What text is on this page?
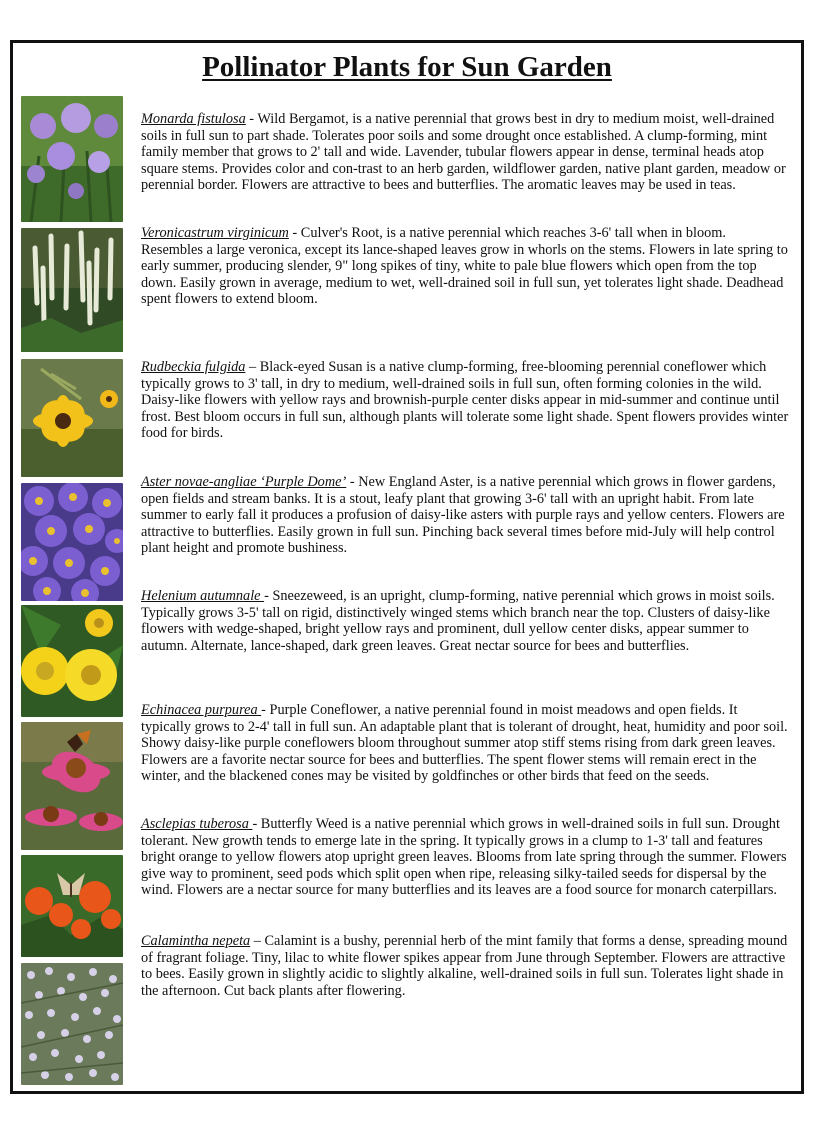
Pollinator Plants for Sun Garden
Monarda fistulosa - Wild Bergamot, is a native perennial that grows best in dry to medium moist, well-drained soils in full sun to part shade. Tolerates poor soils and some drought once established. A clump-forming, mint family member that grows to 2' tall and wide. Lavender, tubular flowers appear in dense, terminal heads atop square stems. Provides color and con-trast to an herb garden, wildflower garden, native plant garden, meadow or perennial border. Flowers are attractive to bees and butterflies. The aromatic leaves may be used in teas.
Veronicastrum virginicum - Culver's Root, is a native perennial which reaches 3-6' tall when in bloom. Resembles a large veronica, except its lance-shaped leaves grow in whorls on the stems. Flowers in late spring to early summer, producing slender, 9" long spikes of tiny, white to pale blue flowers which open from the top down. Easily grown in average, medium to wet, well-drained soil in full sun, yet tolerates light shade. Deadhead spent flowers to extend bloom.
Rudbeckia fulgida – Black-eyed Susan is a native clump-forming, free-blooming perennial coneflower which typically grows to 3' tall, in dry to medium, well-drained soils in full sun, often forming colonies in the wild. Daisy-like flowers with yellow rays and brownish-purple center disks appear in mid-summer and continue until frost. Best bloom occurs in full sun, although plants will tolerate some light shade. Spent flowers provides winter food for birds.
Aster novae-angliae ‘Purple Dome’ - New England Aster, is a native perennial which grows in flower gardens, open fields and stream banks. It is a stout, leafy plant that growing 3-6' tall with an upright habit. From late summer to early fall it produces a profusion of daisy-like asters with purple rays and yellow centers. Flowers are attractive to butterflies. Easily grown in full sun. Pinching back several times before mid-July will help control plant height and promote bushiness.
Helenium autumnale - Sneezeweed, is an upright, clump-forming, native perennial which grows in moist soils. Typically grows 3-5' tall on rigid, distinctively winged stems which branch near the top. Clusters of daisy-like flowers with wedge-shaped, bright yellow rays and prominent, dull yellow center disks, appear summer to autumn. Alternate, lance-shaped, dark green leaves. Great nectar source for bees and butterflies.
Echinacea purpurea - Purple Coneflower, a native perennial found in moist meadows and open fields. It typically grows to 2-4' tall in full sun. An adaptable plant that is tolerant of drought, heat, humidity and poor soil. Showy daisy-like purple coneflowers bloom throughout summer atop stiff stems rising from dark green leaves. Flowers are a favorite nectar source for bees and butterflies. The spent flower stems will remain erect in the winter, and the blackened cones may be visited by goldfinches or other birds that feed on the seeds.
Asclepias tuberosa - Butterfly Weed is a native perennial which grows in well-drained soils in full sun. Drought tolerant. New growth tends to emerge late in the spring. It typically grows in a clump to 1-3' tall and features bright orange to yellow flowers atop upright green leaves. Blooms from late spring through the summer. Flowers give way to prominent, seed pods which split open when ripe, releasing silky-tailed seeds for dispersal by the wind. Flowers are a nectar source for many butterflies and its leaves are a food source for monarch caterpillars.
Calamintha nepeta – Calamint is a bushy, perennial herb of the mint family that forms a dense, spreading mound of fragrant foliage. Tiny, lilac to white flower spikes appear from June through September. Flowers are attractive to bees. Easily grown in slightly acidic to slightly alkaline, well-drained soils in full sun. Tolerates light shade in the afternoon. Cut back plants after flowering.
